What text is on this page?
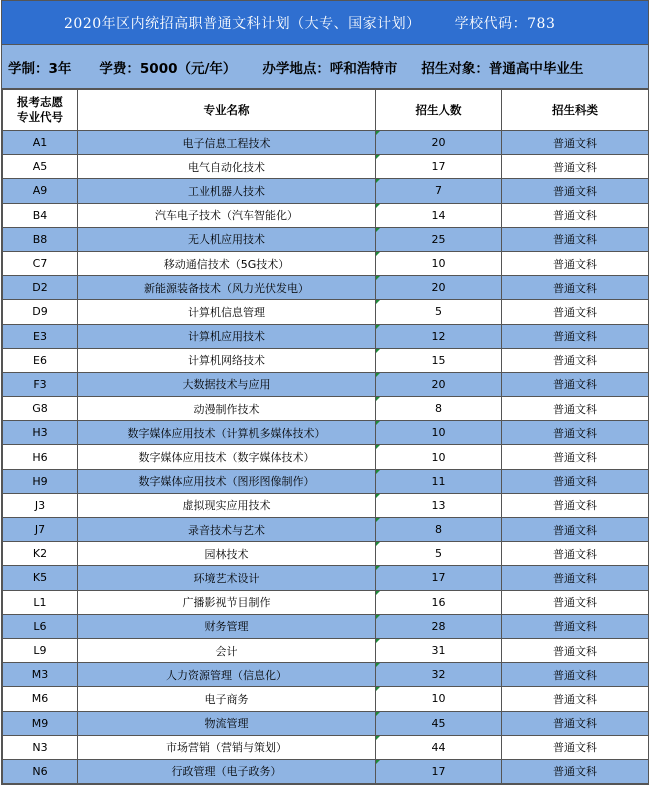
2020年区内统招高职普通文科计划（大专、国家计划） 学校代码：783
学制：3年 学费：5000（元/年） 办学地点：呼和浩特市 招生对象：普通高中毕业生
报考志愿
专业代号	专业名称	招生人数	招生科类
A1	电子信息工程技术	20	普通文科
A5	电气自动化技术	17	普通文科
A9	工业机器人技术	7	普通文科
B4	汽车电子技术（汽车智能化）	14	普通文科
B8	无人机应用技术	25	普通文科
C7	移动通信技术（5G技术）	10	普通文科
D2	新能源装备技术（风力光伏发电）	20	普通文科
D9	计算机信息管理	5	普通文科
E3	计算机应用技术	12	普通文科
E6	计算机网络技术	15	普通文科
F3	大数据技术与应用	20	普通文科
G8	动漫制作技术	8	普通文科
H3	数字媒体应用技术（计算机多媒体技术）	10	普通文科
H6	数字媒体应用技术（数字媒体技术）	10	普通文科
H9	数字媒体应用技术（图形图像制作）	11	普通文科
J3	虚拟现实应用技术	13	普通文科
J7	录音技术与艺术	8	普通文科
K2	园林技术	5	普通文科
K5	环境艺术设计	17	普通文科
L1	广播影视节目制作	16	普通文科
L6	财务管理	28	普通文科
L9	会计	31	普通文科
M3	人力资源管理（信息化）	32	普通文科
M6	电子商务	10	普通文科
M9	物流管理	45	普通文科
N3	市场营销（营销与策划）	44	普通文科
N6	行政管理（电子政务）	17	普通文科
